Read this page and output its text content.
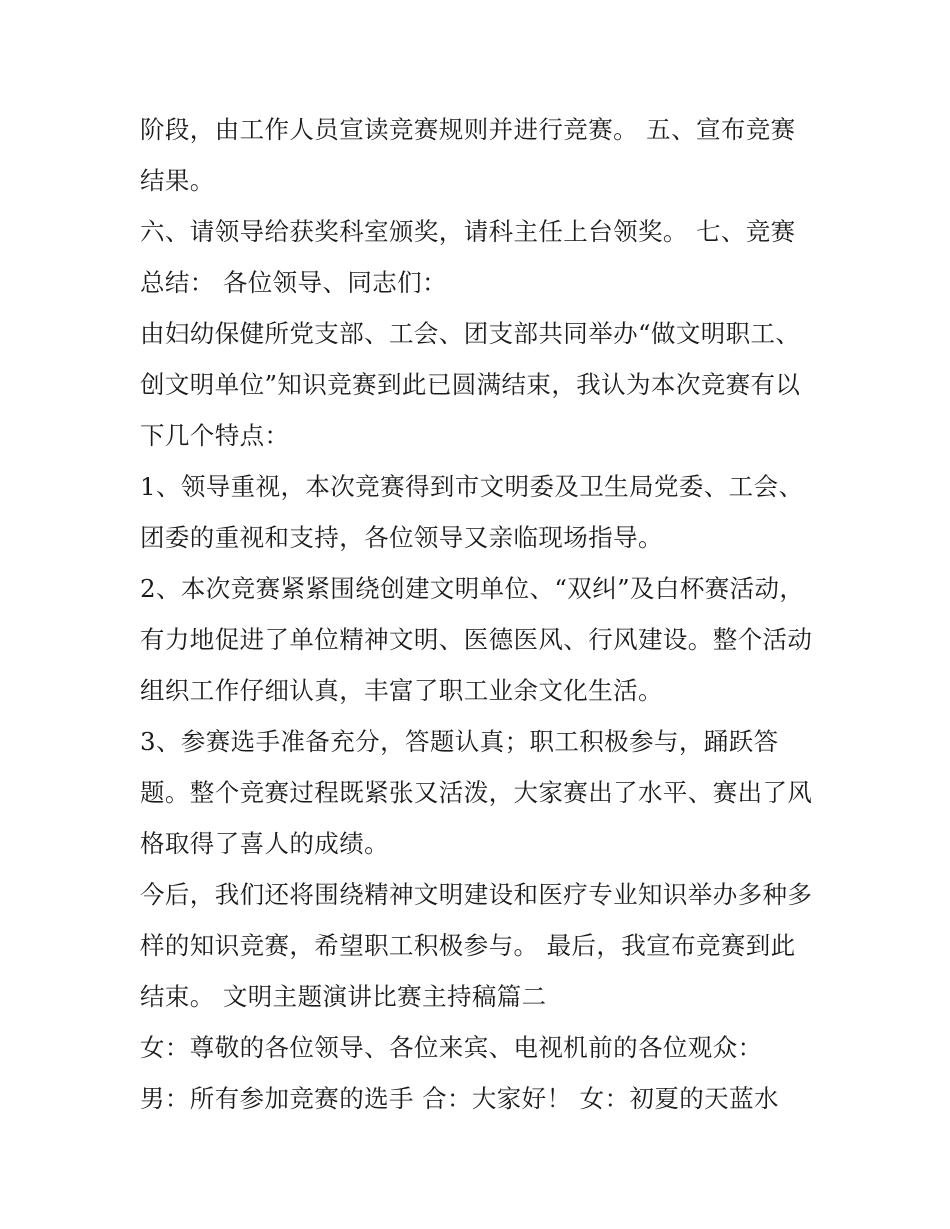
阶段，由工作人员宣读竞赛规则并进行竞赛。 五、宣布竞赛
结果。
六、请领导给获奖科室颁奖，请科主任上台领奖。 七、竞赛
总结： 各位领导、同志们：
由妇幼保健所党支部、工会、团支部共同举办“做文明职工、
创文明单位”知识竞赛到此已圆满结束，我认为本次竞赛有以
下几个特点：
1、领导重视，本次竞赛得到市文明委及卫生局党委、工会、
团委的重视和支持，各位领导又亲临现场指导。
2、本次竞赛紧紧围绕创建文明单位、“双纠”及白杯赛活动，
有力地促进了单位精神文明、医德医风、行风建设。整个活动
组织工作仔细认真，丰富了职工业余文化生活。
3、参赛选手准备充分，答题认真；职工积极参与，踊跃答
题。整个竞赛过程既紧张又活泼，大家赛出了水平、赛出了风
格取得了喜人的成绩。
今后，我们还将围绕精神文明建设和医疗专业知识举办多种多
样的知识竞赛，希望职工积极参与。 最后，我宣布竞赛到此
结束。 文明主题演讲比赛主持稿篇二
女：尊敬的各位领导、各位来宾、电视机前的各位观众：
男：所有参加竞赛的选手 合：大家好！ 女：初夏的天蓝水
